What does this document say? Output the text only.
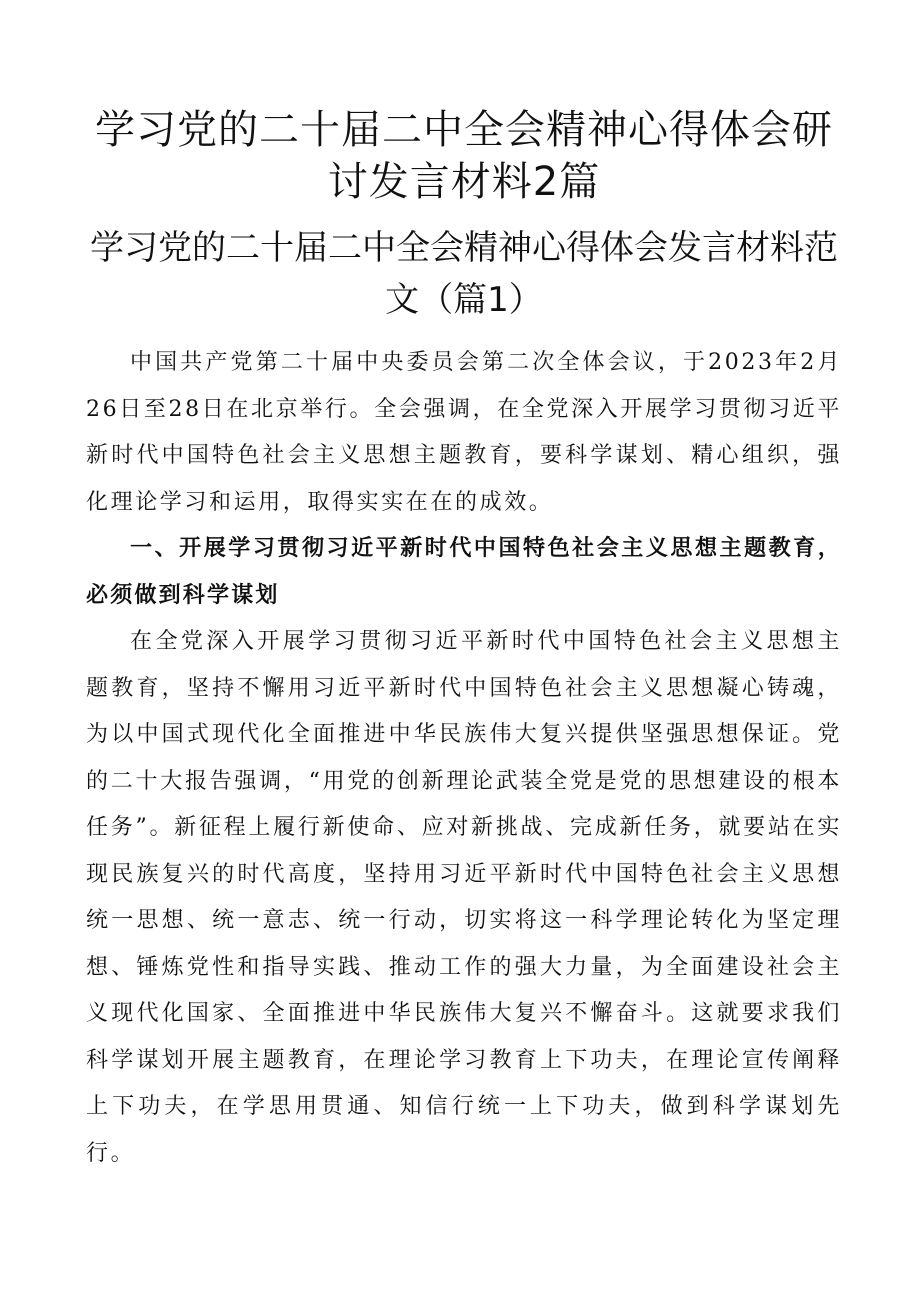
学习党的二十届二中全会精神心得体会研讨发言材料2篇
学习党的二十届二中全会精神心得体会发言材料范文（篇1）

中国共产党第二十届中央委员会第二次全体会议，于2023年2月26日至28日在北京举行。全会强调，在全党深入开展学习贯彻习近平新时代中国特色社会主义思想主题教育，要科学谋划、精心组织，强化理论学习和运用，取得实实在在的成效。

一、开展学习贯彻习近平新时代中国特色社会主义思想主题教育，必须做到科学谋划

在全党深入开展学习贯彻习近平新时代中国特色社会主义思想主题教育，坚持不懈用习近平新时代中国特色社会主义思想凝心铸魂，为以中国式现代化全面推进中华民族伟大复兴提供坚强思想保证。党的二十大报告强调，“用党的创新理论武装全党是党的思想建设的根本任务”。新征程上履行新使命、应对新挑战、完成新任务，就要站在实现民族复兴的时代高度，坚持用习近平新时代中国特色社会主义思想统一思想、统一意志、统一行动，切实将这一科学理论转化为坚定理想、锤炼党性和指导实践、推动工作的强大力量，为全面建设社会主义现代化国家、全面推进中华民族伟大复兴不懈奋斗。这就要求我们科学谋划开展主题教育，在理论学习教育上下功夫，在理论宣传阐释上下功夫，在学思用贯通、知信行统一上下功夫，做到科学谋划先行。
